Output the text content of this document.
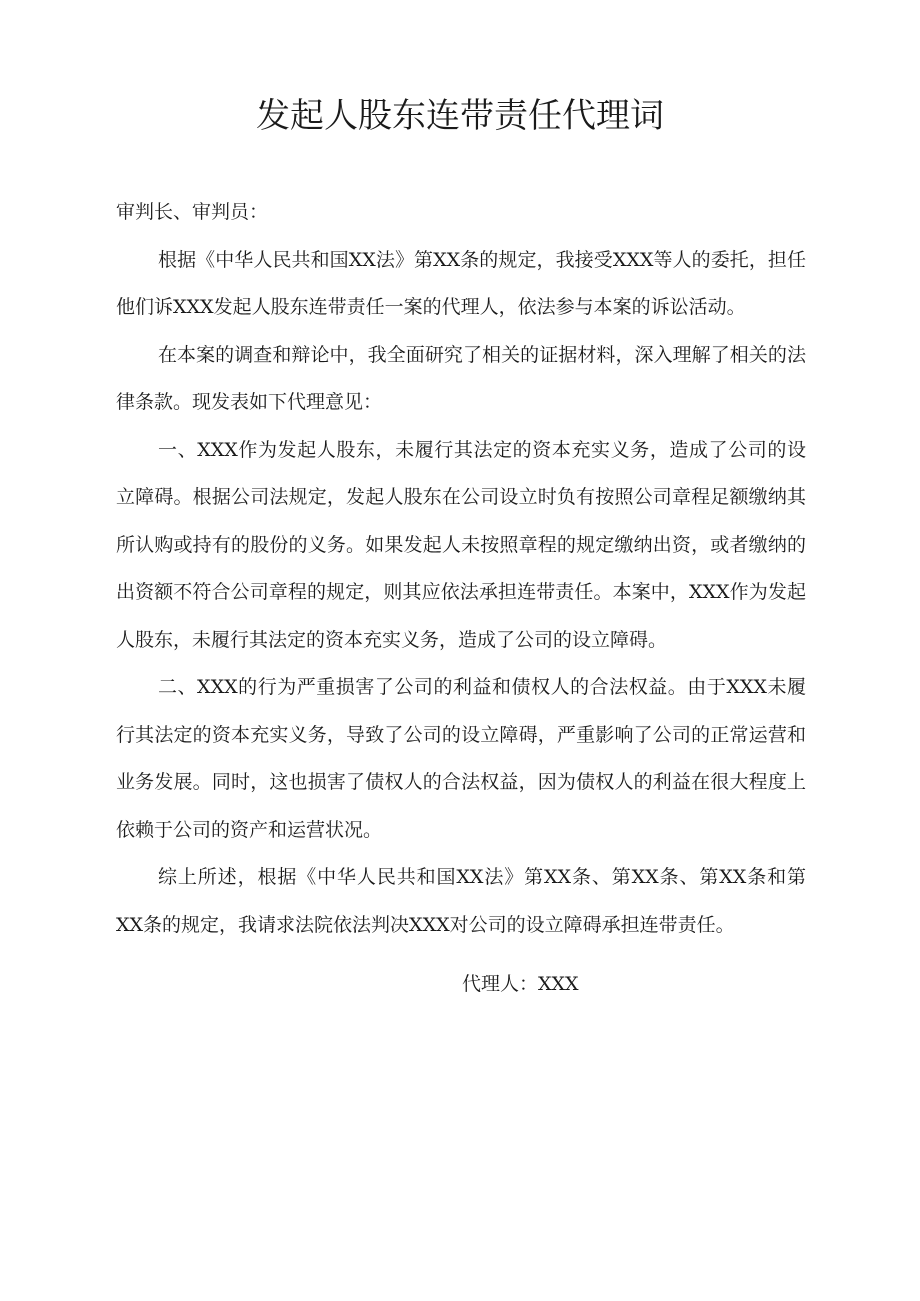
发起人股东连带责任代理词

审判长、审判员：

根据《中华人民共和国XX法》第XX条的规定，我接受XXX等人的委托，担任他们诉XXX发起人股东连带责任一案的代理人，依法参与本案的诉讼活动。

在本案的调查和辩论中，我全面研究了相关的证据材料，深入理解了相关的法律条款。现发表如下代理意见：

一、XXX作为发起人股东，未履行其法定的资本充实义务，造成了公司的设立障碍。根据公司法规定，发起人股东在公司设立时负有按照公司章程足额缴纳其所认购或持有的股份的义务。如果发起人未按照章程的规定缴纳出资，或者缴纳的出资额不符合公司章程的规定，则其应依法承担连带责任。本案中，XXX作为发起人股东，未履行其法定的资本充实义务，造成了公司的设立障碍。

二、XXX的行为严重损害了公司的利益和债权人的合法权益。由于XXX未履行其法定的资本充实义务，导致了公司的设立障碍，严重影响了公司的正常运营和业务发展。同时，这也损害了债权人的合法权益，因为债权人的利益在很大程度上依赖于公司的资产和运营状况。

综上所述，根据《中华人民共和国XX法》第XX条、第XX条、第XX条和第XX条的规定，我请求法院依法判决XXX对公司的设立障碍承担连带责任。

代理人：XXX
